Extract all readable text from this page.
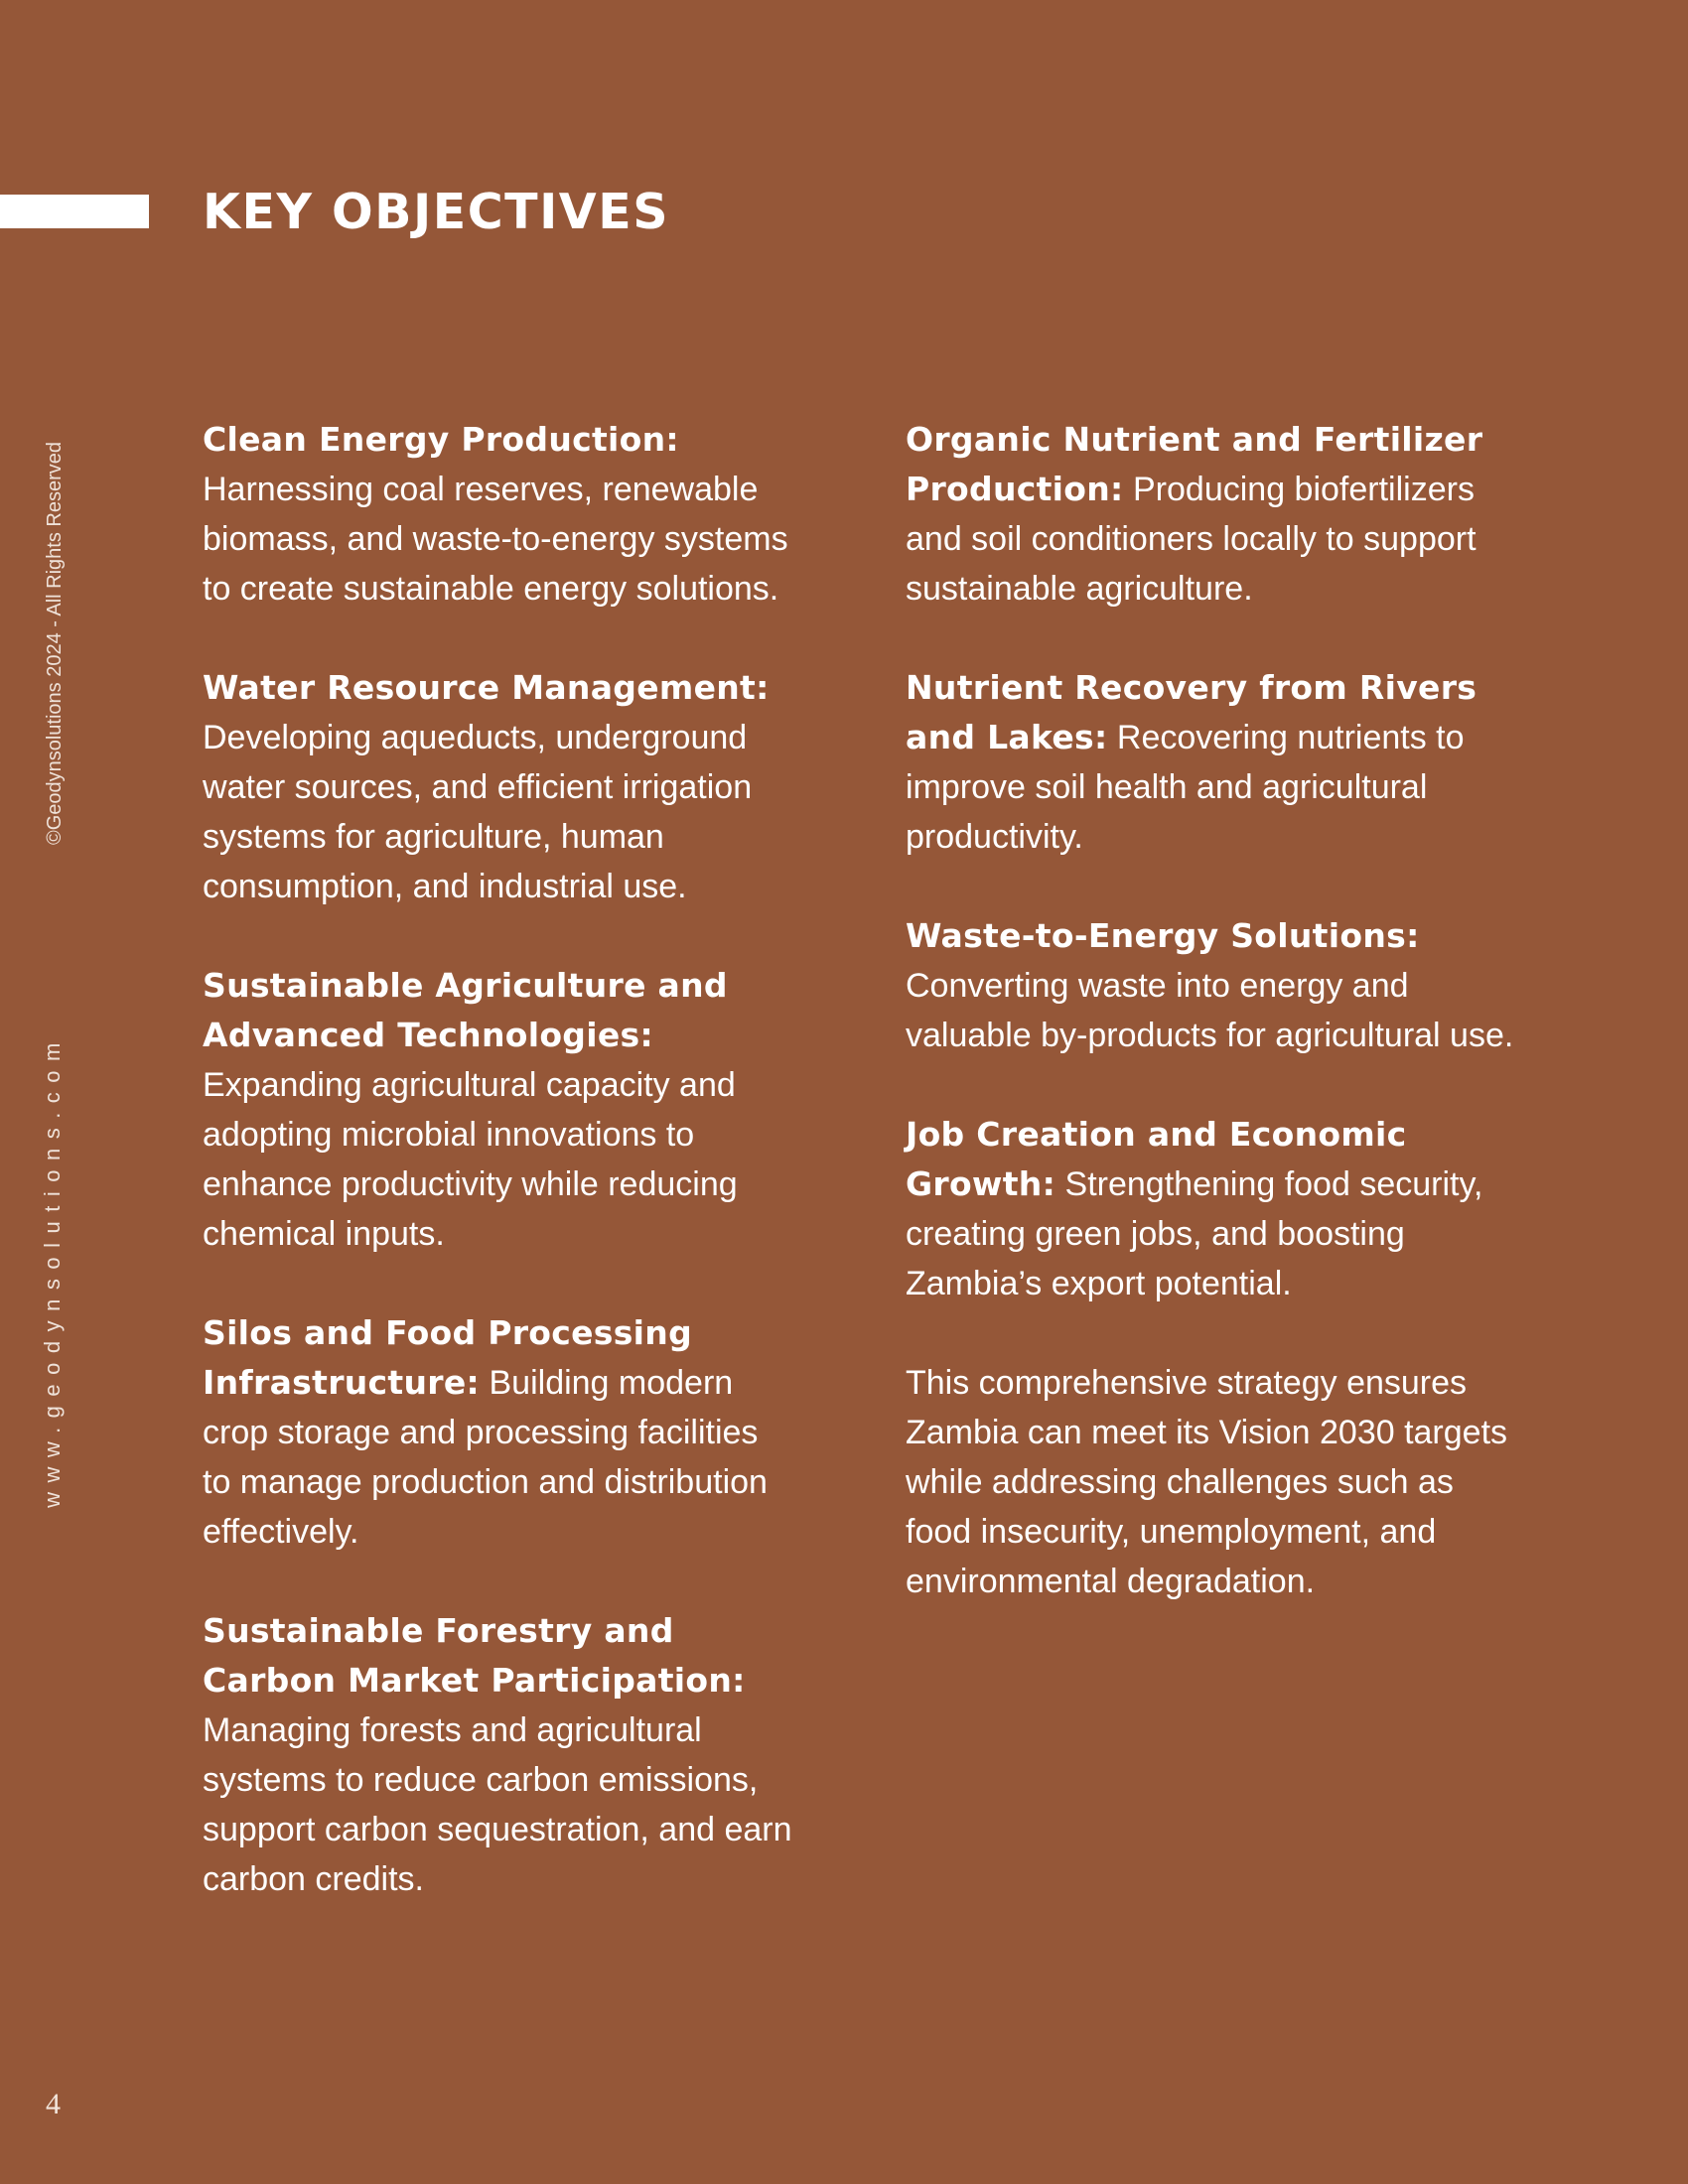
KEY OBJECTIVES
©Geodynsolutions 2024 - All Rights Reserved
www.geodynsolutions.com

Clean Energy Production:
Harnessing coal reserves, renewable
biomass, and waste-to-energy systems
to create sustainable energy solutions.

Water Resource Management:
Developing aqueducts, underground
water sources, and efficient irrigation
systems for agriculture, human
consumption, and industrial use.

Sustainable Agriculture and
Advanced Technologies:
Expanding agricultural capacity and
adopting microbial innovations to
enhance productivity while reducing
chemical inputs.

Silos and Food Processing
Infrastructure: Building modern
crop storage and processing facilities
to manage production and distribution
effectively.

Sustainable Forestry and
Carbon Market Participation:
Managing forests and agricultural
systems to reduce carbon emissions,
support carbon sequestration, and earn
carbon credits.

Organic Nutrient and Fertilizer
Production: Producing biofertilizers
and soil conditioners locally to support
sustainable agriculture.

Nutrient Recovery from Rivers
and Lakes: Recovering nutrients to
improve soil health and agricultural
productivity.

Waste-to-Energy Solutions:
Converting waste into energy and
valuable by-products for agricultural use.

Job Creation and Economic
Growth: Strengthening food security,
creating green jobs, and boosting
Zambia’s export potential.

This comprehensive strategy ensures
Zambia can meet its Vision 2030 targets
while addressing challenges such as
food insecurity, unemployment, and
environmental degradation.

4
